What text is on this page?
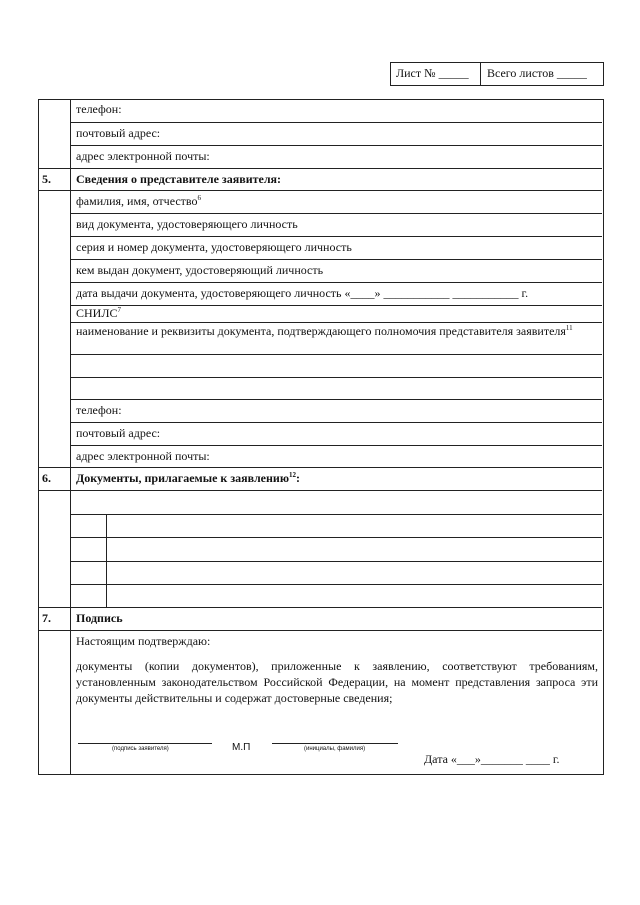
Лист № _____ Всего листов _____
телефон:
почтовый адрес:
адрес электронной почты:
5. Сведения о представителе заявителя:
фамилия, имя, отчество$^6$
вид документа, удостоверяющего личность
серия и номер документа, удостоверяющего личность
кем выдан документ, удостоверяющий личность
дата выдачи документа, удостоверяющего личность «____» ___________ ___________ г.
СНИЛС$^7$
наименование и реквизиты документа, подтверждающего полномочия представителя заявителя$^{11}$
телефон:
почтовый адрес:
адрес электронной почты:
6. Документы, прилагаемые к заявлению$^{12}$:
7. Подпись
Настоящим подтверждаю:
документы (копии документов), приложенные к заявлению, соответствуют требованиям, установленным законодательством Российской Федерации, на момент представления запроса эти документы действительны и содержат достоверные сведения;
(подпись заявителя)	М.П	(инициалы, фамилия)
Дата «___»_______ ____ г.
